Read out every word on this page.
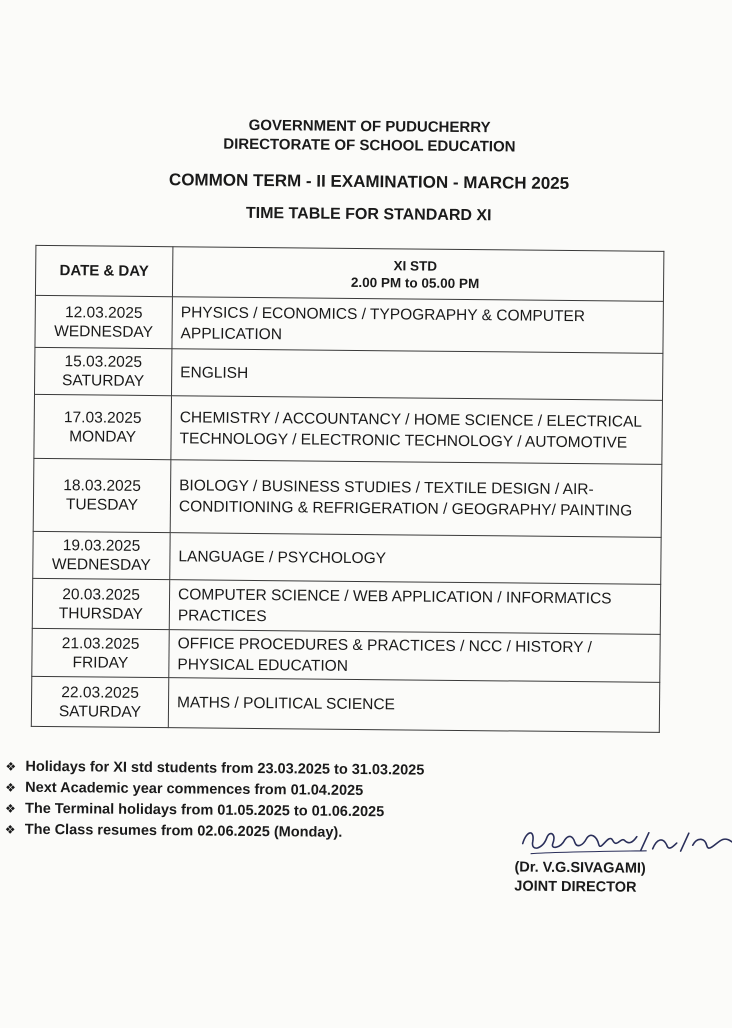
GOVERNMENT OF PUDUCHERRY
DIRECTORATE OF SCHOOL EDUCATION
COMMON TERM - II EXAMINATION - MARCH 2025
TIME TABLE FOR STANDARD XI
DATE & DAY	XI STD
2.00 PM to 05.00 PM

12.03.2025
WEDNESDAY	PHYSICS / ECONOMICS / TYPOGRAPHY & COMPUTER APPLICATION

15.03.2025
SATURDAY	ENGLISH

17.03.2025
MONDAY	CHEMISTRY / ACCOUNTANCY / HOME SCIENCE / ELECTRICAL TECHNOLOGY / ELECTRONIC TECHNOLOGY / AUTOMOTIVE

18.03.2025
TUESDAY	BIOLOGY / BUSINESS STUDIES / TEXTILE DESIGN / AIR-CONDITIONING & REFRIGERATION / GEOGRAPHY/ PAINTING

19.03.2025
WEDNESDAY	LANGUAGE / PSYCHOLOGY

20.03.2025
THURSDAY	COMPUTER SCIENCE / WEB APPLICATION / INFORMATICS PRACTICES

21.03.2025
FRIDAY	OFFICE PROCEDURES & PRACTICES / NCC / HISTORY / PHYSICAL EDUCATION

22.03.2025
SATURDAY	MATHS / POLITICAL SCIENCE
❖ Holidays for XI std students from 23.03.2025 to 31.03.2025
❖ Next Academic year commences from 01.04.2025
❖ The Terminal holidays from 01.05.2025 to 01.06.2025
❖ The Class resumes from 02.06.2025 (Monday).
(Dr. V.G.SIVAGAMI)
JOINT DIRECTOR
